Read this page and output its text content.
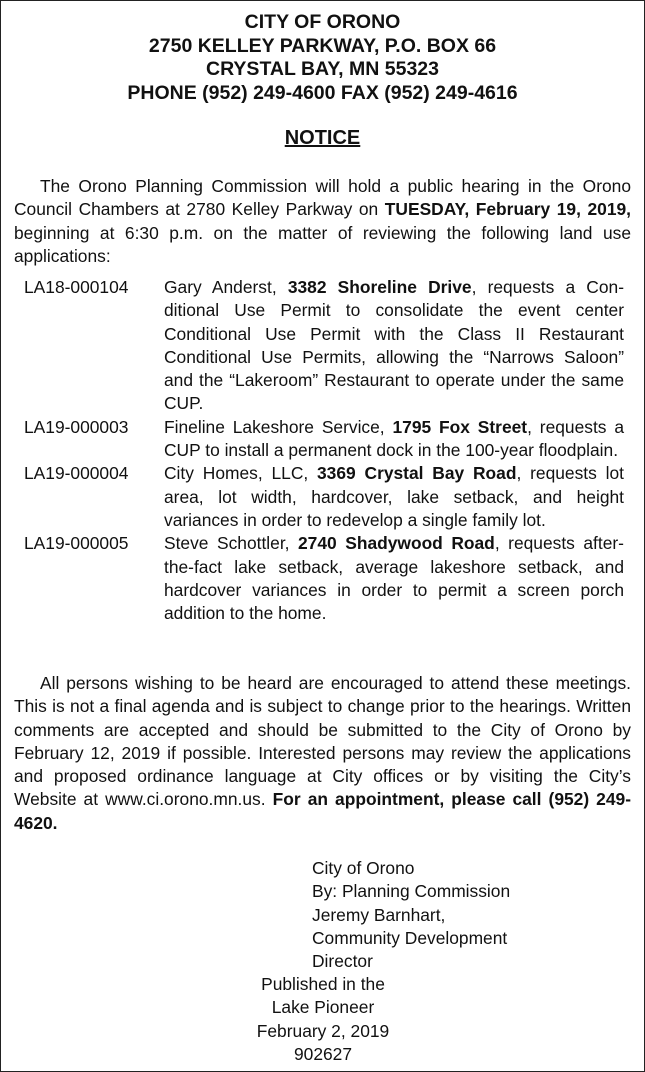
CITY OF ORONO
2750 KELLEY PARKWAY, P.O. BOX 66
CRYSTAL BAY, MN 55323
PHONE (952) 249-4600 FAX (952) 249-4616
NOTICE

The Orono Planning Commission will hold a public hearing in the Orono Council Chambers at 2780 Kelley Parkway on TUESDAY, February 19, 2019, beginning at 6:30 p.m. on the matter of reviewing the following land use applications:

LA18-000104	Gary Anderst, 3382 Shoreline Drive, requests a Conditional Use Permit to consolidate the event center Conditional Use Permit with the Class II Restaurant Conditional Use Permits, allowing the “Narrows Saloon” and the “Lakeroom” Restaurant to operate under the same CUP.
LA19-000003	Fineline Lakeshore Service, 1795 Fox Street, requests a CUP to install a permanent dock in the 100-year floodplain.
LA19-000004	City Homes, LLC, 3369 Crystal Bay Road, requests lot area, lot width, hardcover, lake setback, and height variances in order to redevelop a single family lot.
LA19-000005	Steve Schottler, 2740 Shadywood Road, requests after-the-fact lake setback, average lakeshore setback, and hardcover variances in order to permit a screen porch addition to the home.

All persons wishing to be heard are encouraged to attend these meetings. This is not a final agenda and is subject to change prior to the hearings. Written comments are accepted and should be submitted to the City of Orono by February 12, 2019 if possible. Interested persons may review the applications and proposed ordinance language at City offices or by visiting the City’s Website at www.ci.orono.mn.us. For an appointment, please call (952) 249-4620.

City of Orono
By: Planning Commission
Jeremy Barnhart,
Community Development
Director
Published in the
Lake Pioneer
February 2, 2019
902627
